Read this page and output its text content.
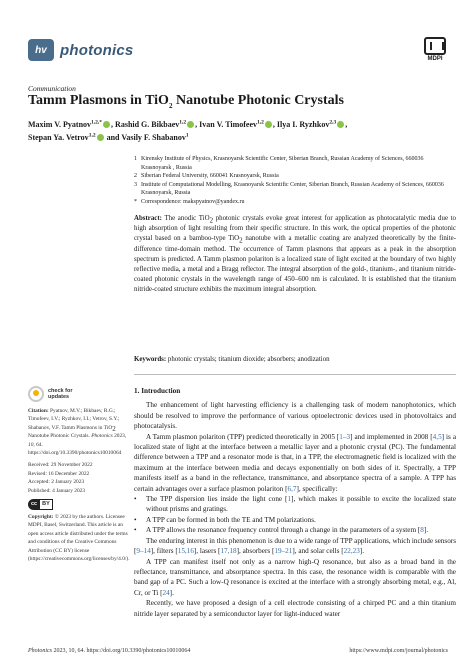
hv photonics
MDPI
Communication
Tamm Plasmons in TiO$_2$ Nanotube Photonic Crystals
Maxim V. Pyatnov$^{1,2,*}$ , Rashid G. Bikbaev$^{1,2}$ , Ivan V. Timofeev$^{1,2}$ , Ilya I. Ryzhkov$^{2,3}$ ,
Stepan Ya. Vetrov$^{1,2}$ and Vasily F. Shabanov$^1$
1 Kirensky Institute of Physics, Krasnoyarsk Scientific Center, Siberian Branch, Russian Academy of Sciences, 660036 Krasnoyarsk , Russia
2 Siberian Federal University, 660041 Krasnoyarsk, Russia
3 Institute of Computational Modelling, Krasnoyarsk Scientific Center, Siberian Branch, Russian Academy of Sciences, 660036 Krasnoyarsk, Russia
* Correspondence: makspyatnov@yandex.ru
Abstract: The anodic TiO$_2$ photonic crystals evoke great interest for application as photocatalytic media due to high absorption of light resulting from their specific structure. In this work, the optical properties of the photonic crystal based on a bamboo-type TiO$_2$ nanotube with a metallic coating are analyzed theoretically by the finite-difference time-domain method. The occurrence of Tamm plasmons that appears as a peak in the absorption spectrum is predicted. A Tamm plasmon polariton is a localized state of light excited at the boundary of two highly reflective media, a metal and a Bragg reflector. The integral absorption of the gold-, titanium-, and titanium nitride-coated photonic crystals in the wavelength range of 450–600 nm is calculated. It is established that the titanium nitride-coated structure exhibits the maximum integral absorption.
Keywords: photonic crystals; titanium dioxide; absorbers; anodization
check for
updates
Citation: Pyatnov, M.V.; Bikbaev, R.G.; Timofeev, I.V.; Ryzhkov, I.I.; Vetrov, S.Y.; Shabanov, V.F. Tamm Plasmons in TiO$_2$ Nanotube Photonic Crystals. Photonics 2023, 10, 64. https://doi.org/10.3390/photonics10010064
Received: 29 November 2022
Revised: 16 December 2022
Accepted: 2 January 2023
Published: 4 January 2023
cc BY
Copyright: © 2023 by the authors. Licensee MDPI, Basel, Switzerland. This article is an open access article distributed under the terms and conditions of the Creative Commons Attribution (CC BY) license (https://creativecommons.org/licenses/by/4.0/).
1. Introduction
The enhancement of light harvesting efficiency is a challenging task of modern nanophotonics, which should be resolved to improve the performance of various optoelectronic devices used in photovoltaics and photocatalysis.
A Tamm plasmon polariton (TPP) predicted theoretically in 2005 [1–3] and implemented in 2008 [4,5] is a localized state of light at the interface between a metallic layer and a photonic crystal (PC). The fundamental difference between a TPP and a resonator mode is that, in a TPP, the electromagnetic field is localized with the maximum at the interface between media and decays exponentially on both sides of it. Spectrally, a TPP manifests itself as a band in the reflectance, transmittance, and absorptance spectra of a sample. A TPP has certain advantages over a surface plasmon polariton [6,7], specifically:
•	The TPP dispersion lies inside the light cone [1], which makes it possible to excite the localized state without prisms and gratings.
•	A TPP can be formed in both the TE and TM polarizations.
•	A TPP allows the resonance frequency control through a change in the parameters of a system [8].
The enduring interest in this phenomenon is due to a wide range of TPP applications, which include sensors [9–14], filters [15,16], lasers [17,18], absorbers [19–21], and solar cells [22,23].
A TPP can manifest itself not only as a narrow high-Q resonance, but also as a broad band in the reflectance, transmittance, and absorptance spectra. In this case, the resonance width is comparable with the band gap of a PC. Such a low-Q resonance is excited at the interface with a strongly absorbing metal, e.g., Al, Cr, or Ti [24].
Recently, we have proposed a design of a cell electrode consisting of a chirped PC and a thin titanium nitride layer separated by a semiconductor layer for light-induced water
Photonics 2023, 10, 64. https://doi.org/10.3390/photonics10010064	https://www.mdpi.com/journal/photonics
